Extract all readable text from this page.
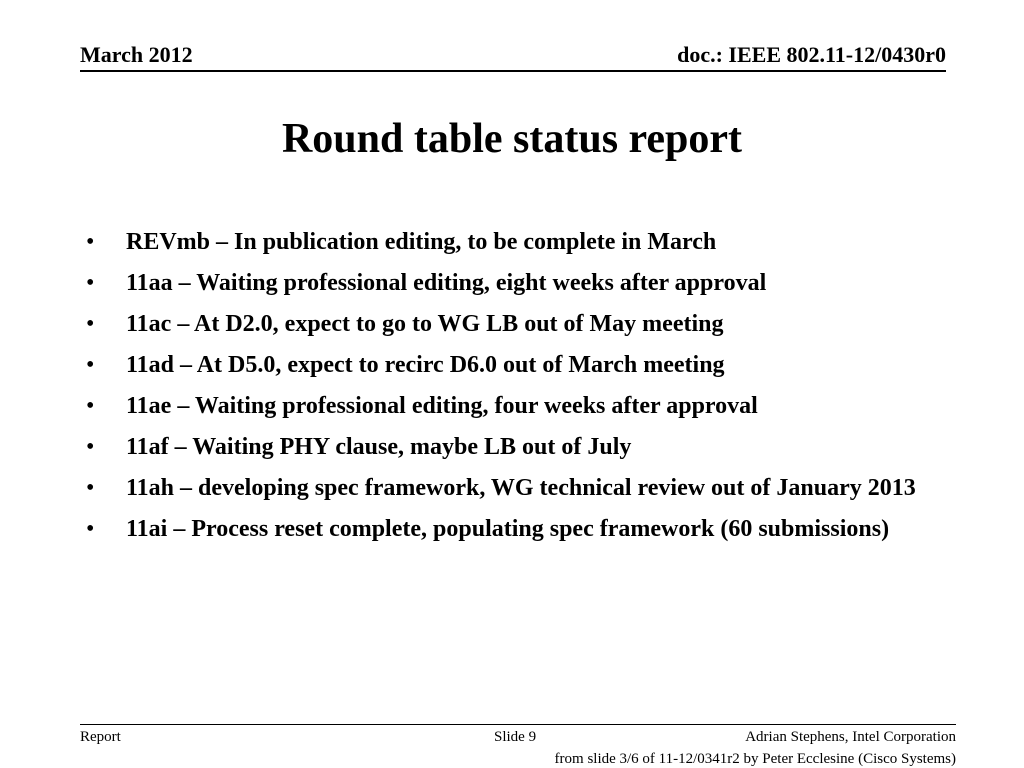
March 2012	doc.: IEEE 802.11-12/0430r0
Round table status report
• REVmb – In publication editing, to be complete in March
• 11aa – Waiting professional editing, eight weeks after approval
• 11ac – At D2.0, expect to go to WG LB out of May meeting
• 11ad – At D5.0, expect to recirc D6.0 out of March meeting
• 11ae – Waiting professional editing, four weeks after approval
• 11af – Waiting PHY clause, maybe LB out of July
• 11ah – developing spec framework, WG technical review out of January 2013
• 11ai – Process reset complete, populating spec framework (60 submissions)
Report	Slide 9	Adrian Stephens, Intel Corporation
from slide 3/6 of 11-12/0341r2 by Peter Ecclesine (Cisco Systems)
